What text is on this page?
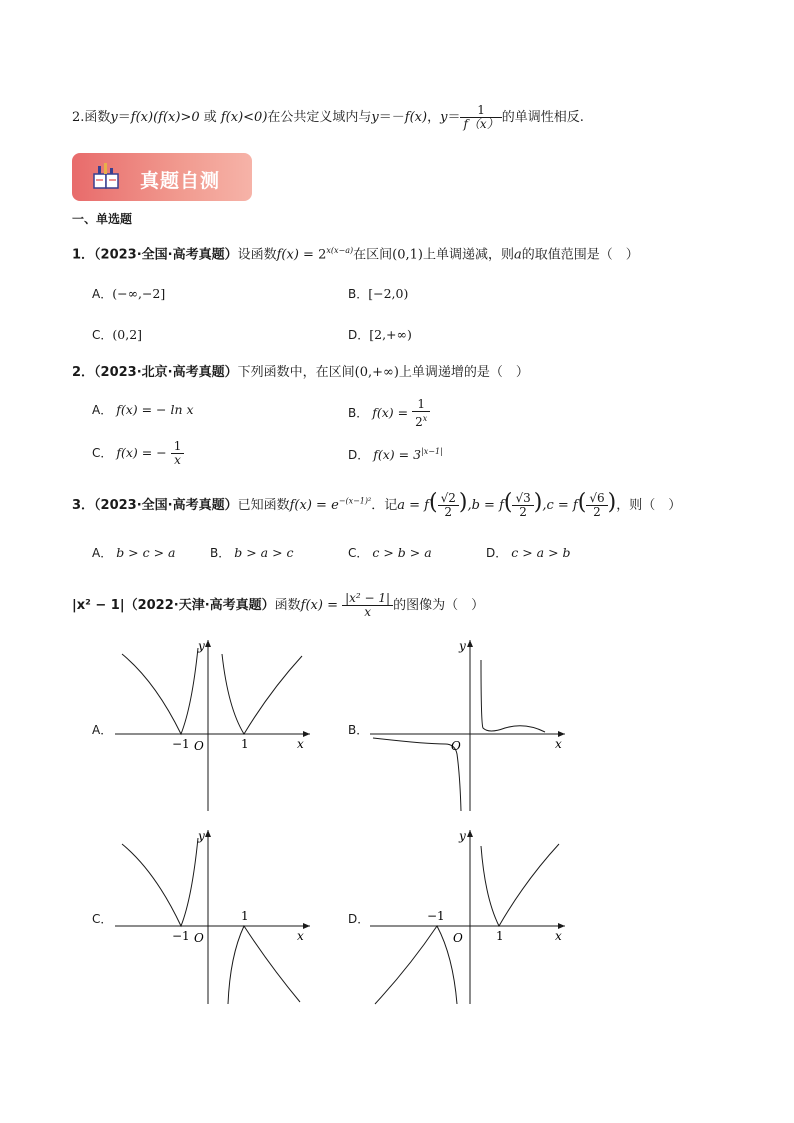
2.函数y＝f(x)(f(x)>0 或 f(x)<0)在公共定义域内与y＝－f(x)，$y= \frac{1}{f(x)}$ 的单调性相反.
真题自测
一、单选题
1．（2023·全国·高考真题）设函数$f(x) = 2^{x(x-a)}$在区间(0,1)上单调递减，则a的取值范围是（　）
A．(−∞,−2]	B．[−2,0)
C．(0,2]	D．[2,+∞)
2．（2023·北京·高考真题）下列函数中，在区间(0,+∞)上单调递增的是（　）
A． f(x) = − ln x	B． $f(x) = \frac{1}{2^x}$
C． f(x) = − $\frac{1}{x}$	D． $f(x) = 3^{|x-1|}$
3．（2023·全国·高考真题）已知函数$f(x) = e^{-(x-1)^2}$．记$a = f( \frac{√2}{2} ),b = f( \frac{√3}{2} ),c = f( \frac{√6}{2}$ )，则（　）
A． b > c > a	B． b > a > c	C． c > b > a	D． c > a > b
|x² − 1|（2022·天津·高考真题）函数$f(x) = \frac{\text{|x² − 1|}}{x}$ 的图像为（　）
A．
y
x
O
−1	1
B．
y
x
O
C．
y
x
O
−1
1	D．
y
x
O
−1
1
